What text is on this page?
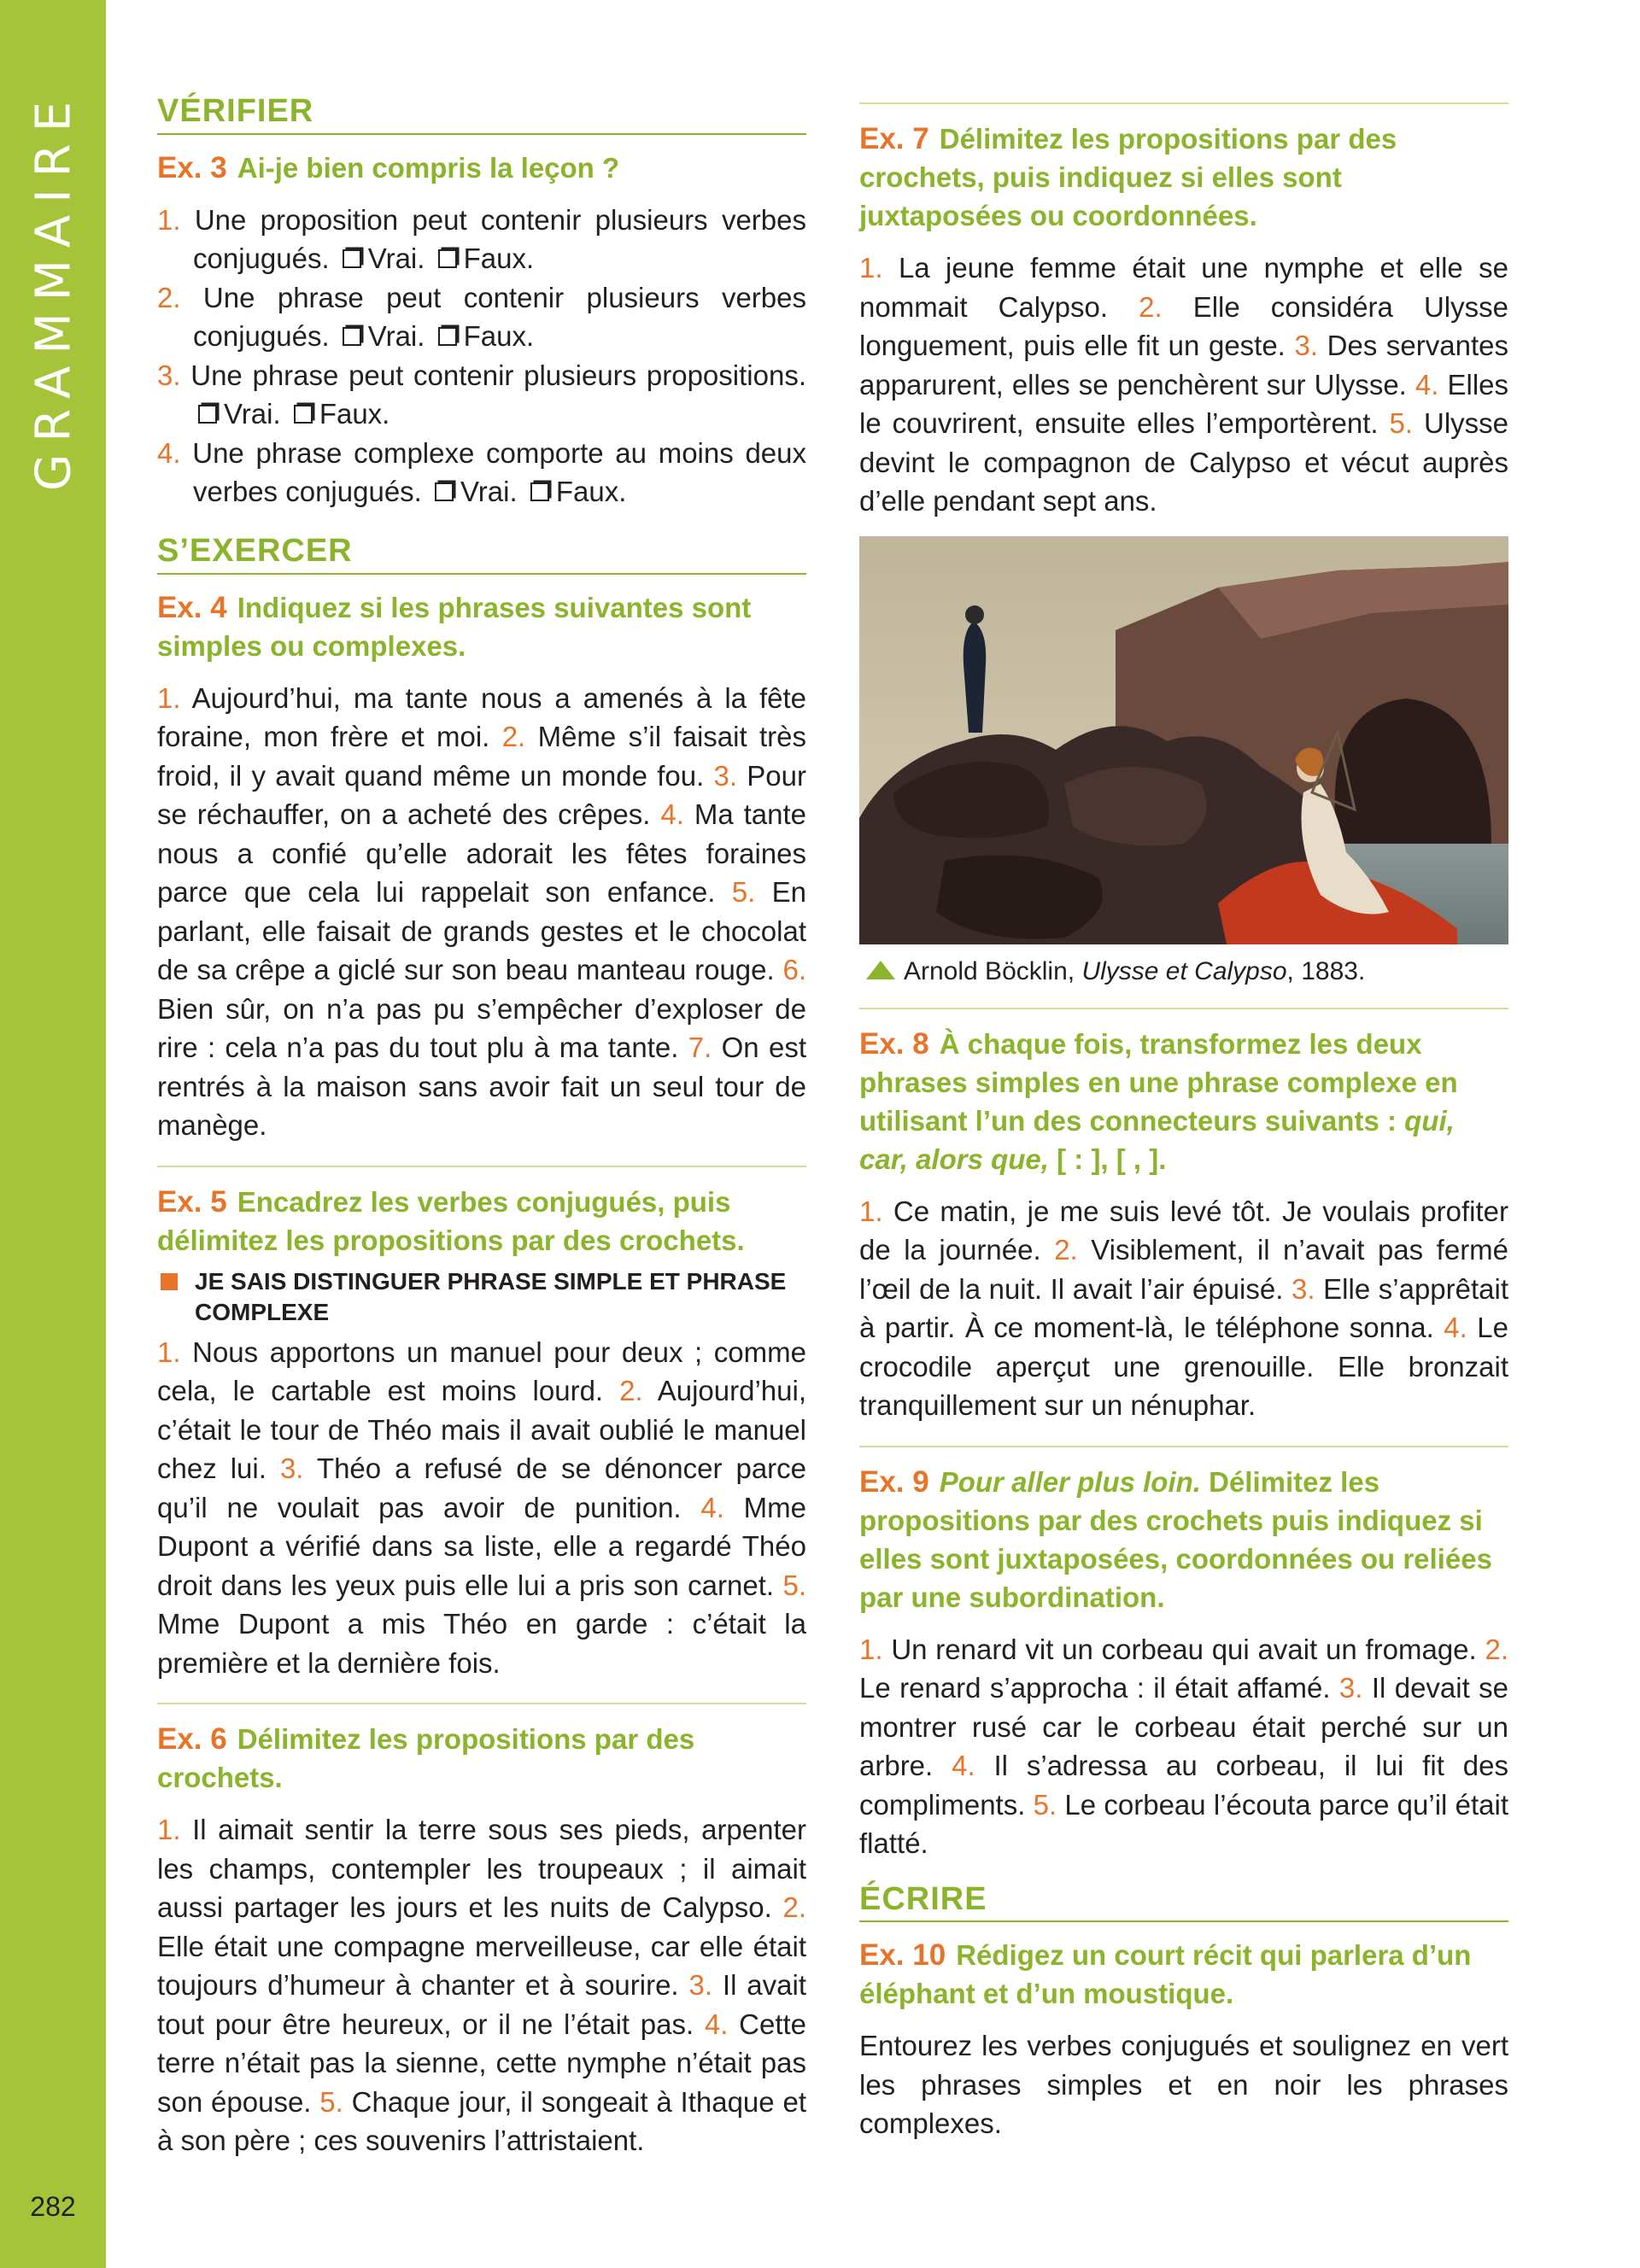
GRAMMAIRE
282
VÉRIFIER
Ex. 3 Ai-je bien compris la leçon ?
1. Une proposition peut contenir plusieurs verbes conjugués. Vrai. Faux.
2. Une phrase peut contenir plusieurs verbes conjugués. Vrai. Faux.
3. Une phrase peut contenir plusieurs propositions. Vrai. Faux.
4. Une phrase complexe comporte au moins deux verbes conjugués. Vrai. Faux.
S’EXERCER
Ex. 4 Indiquez si les phrases suivantes sont simples ou complexes.

1. Aujourd’hui, ma tante nous a amenés à la fête foraine, mon frère et moi. 2. Même s’il faisait très froid, il y avait quand même un monde fou. 3. Pour se réchauffer, on a acheté des crêpes. 4. Ma tante nous a confié qu’elle adorait les fêtes foraines parce que cela lui rappelait son enfance. 5. En parlant, elle faisait de grands gestes et le chocolat de sa crêpe a giclé sur son beau manteau rouge. 6. Bien sûr, on n’a pas pu s’empêcher d’exploser de rire : cela n’a pas du tout plu à ma tante. 7. On est rentrés à la maison sans avoir fait un seul tour de manège.

Ex. 5 Encadrez les verbes conjugués, puis délimitez les propositions par des crochets.
JE SAIS DISTINGUER PHRASE SIMPLE ET PHRASE COMPLEXE

1. Nous apportons un manuel pour deux ; comme cela, le cartable est moins lourd. 2. Aujourd’hui, c’était le tour de Théo mais il avait oublié le manuel chez lui. 3. Théo a refusé de se dénoncer parce qu’il ne voulait pas avoir de punition. 4. Mme Dupont a vérifié dans sa liste, elle a regardé Théo droit dans les yeux puis elle lui a pris son carnet. 5. Mme Dupont a mis Théo en garde : c’était la première et la dernière fois.

Ex. 6 Délimitez les propositions par des crochets.

1. Il aimait sentir la terre sous ses pieds, arpenter les champs, contempler les troupeaux ; il aimait aussi partager les jours et les nuits de Calypso. 2. Elle était une compagne merveilleuse, car elle était toujours d’humeur à chanter et à sourire. 3. Il avait tout pour être heureux, or il ne l’était pas. 4. Cette terre n’était pas la sienne, cette nymphe n’était pas son épouse. 5. Chaque jour, il songeait à Ithaque et à son père ; ces souvenirs l’attristaient.

Ex. 7 Délimitez les propositions par des crochets, puis indiquez si elles sont juxtaposées ou coordonnées.

1. La jeune femme était une nymphe et elle se nommait Calypso. 2. Elle considéra Ulysse longuement, puis elle fit un geste. 3. Des servantes apparurent, elles se penchèrent sur Ulysse. 4. Elles le couvrirent, ensuite elles l’emportèrent. 5. Ulysse devint le compagnon de Calypso et vécut auprès d’elle pendant sept ans.

Arnold Böcklin, Ulysse et Calypso, 1883.

Ex. 8 À chaque fois, transformez les deux phrases simples en une phrase complexe en utilisant l’un des connecteurs suivants : qui, car, alors que, [ : ], [ , ].

1. Ce matin, je me suis levé tôt. Je voulais profiter de la journée. 2. Visiblement, il n’avait pas fermé l’œil de la nuit. Il avait l’air épuisé. 3. Elle s’apprêtait à partir. À ce moment-là, le téléphone sonna. 4. Le crocodile aperçut une grenouille. Elle bronzait tranquillement sur un nénuphar.

Ex. 9 Pour aller plus loin. Délimitez les propositions par des crochets puis indiquez si elles sont juxtaposées, coordonnées ou reliées par une subordination.

1. Un renard vit un corbeau qui avait un fromage. 2. Le renard s’approcha : il était affamé. 3. Il devait se montrer rusé car le corbeau était perché sur un arbre. 4. Il s’adressa au corbeau, il lui fit des compliments. 5. Le corbeau l’écouta parce qu’il était flatté.

ÉCRIRE
Ex. 10 Rédigez un court récit qui parlera d’un éléphant et d’un moustique.

Entourez les verbes conjugués et soulignez en vert les phrases simples et en noir les phrases complexes.
